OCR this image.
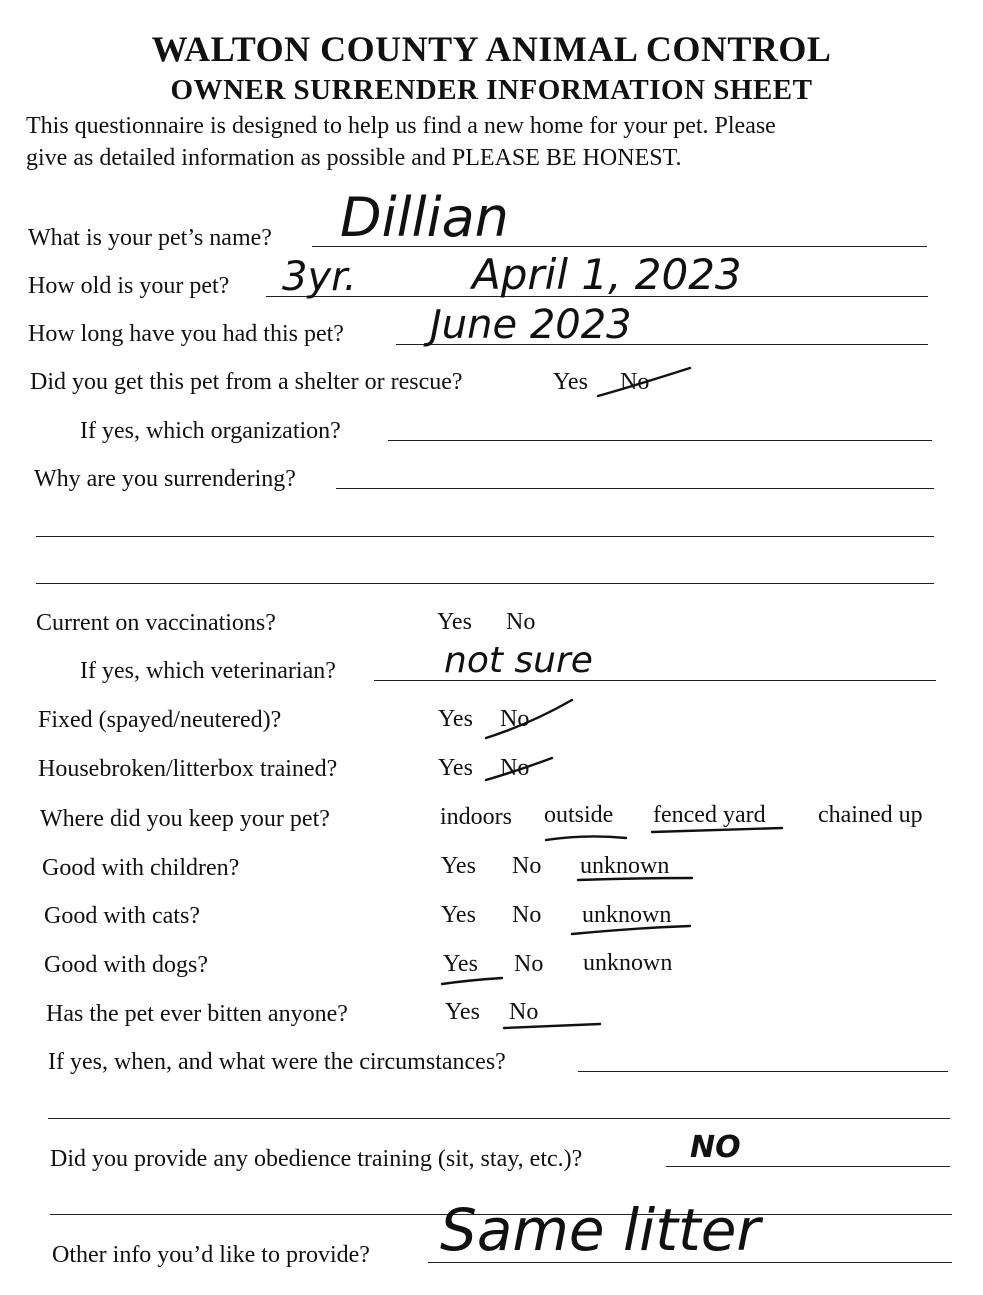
WALTON COUNTY ANIMAL CONTROL
OWNER SURRENDER INFORMATION SHEET
This questionnaire is designed to help us find a new home for your pet. Please
give as detailed information as possible and PLEASE BE HONEST.
What is your pet’s name? Dillian
How old is your pet? 3yr.	April 1, 2023
How long have you had this pet? June 2023
Did you get this pet from a shelter or rescue?	Yes No
If yes, which organization?
Why are you surrendering?
Current on vaccinations?	Yes No
If yes, which veterinarian?	not sure
Fixed (spayed/neutered)?	Yes No
Housebroken/litterbox trained?	Yes No
Where did you keep your pet?	indoors outside fenced yard chained up
Good with children?	Yes No unknown
Good with cats?	Yes No unknown
Good with dogs?	Yes No unknown
Has the pet ever bitten anyone?	Yes No
If yes, when, and what were the circumstances?
Did you provide any obedience training (sit, stay, etc.)?	NO
Other info you’d like to provide? Same litter
